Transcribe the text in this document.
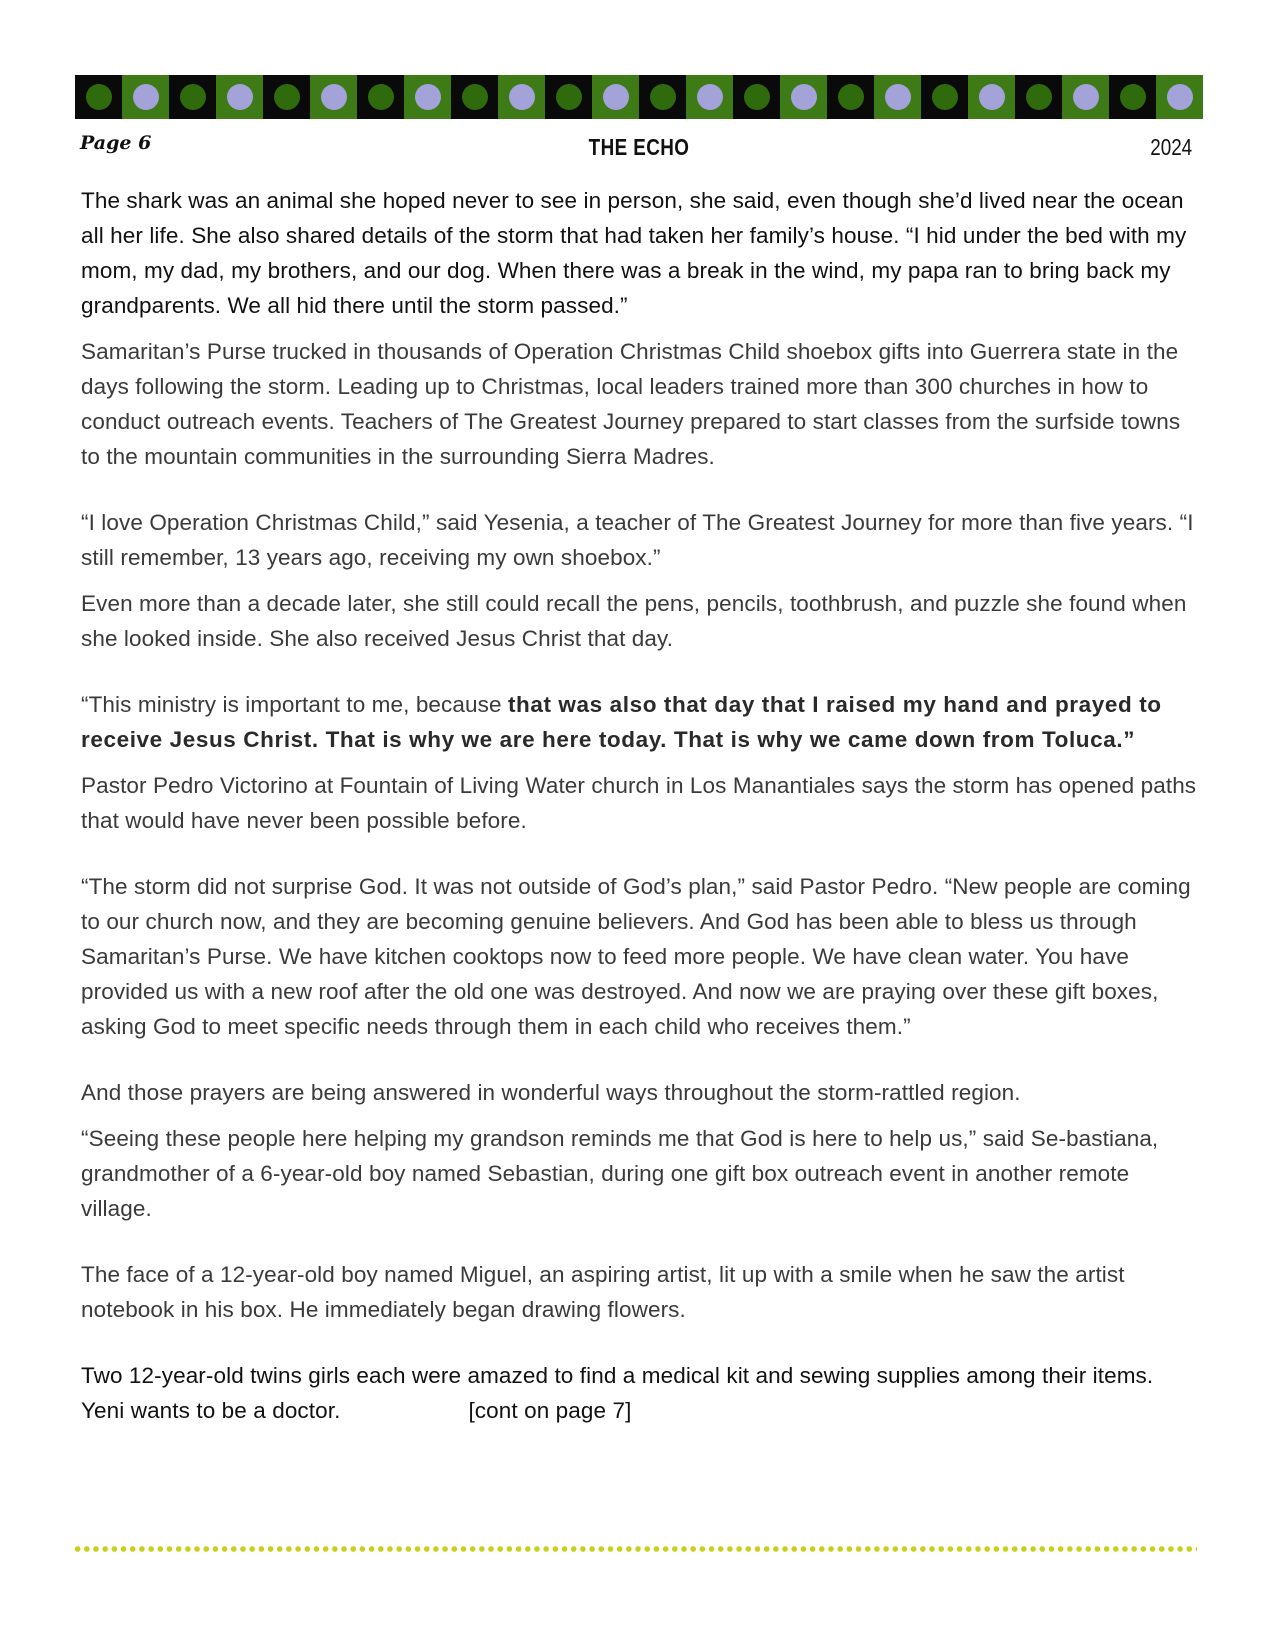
Page 6	THE ECHO	2024

The shark was an animal she hoped never to see in person, she said, even though she’d lived near the ocean all her life. She also shared details of the storm that had taken her family’s house. “I hid under the bed with my mom, my dad, my brothers, and our dog. When there was a break in the wind, my papa ran to bring back my grandparents. We all hid there until the storm passed.”

Samaritan’s Purse trucked in thousands of Operation Christmas Child shoebox gifts into Guerrera state in the days following the storm. Leading up to Christmas, local leaders trained more than 300 churches in how to conduct outreach events. Teachers of The Greatest Journey prepared to start classes from the surfside towns to the mountain communities in the surrounding Sierra Madres.

“I love Operation Christmas Child,” said Yesenia, a teacher of The Greatest Journey for more than five years. “I still remember, 13 years ago, receiving my own shoebox.”

Even more than a decade later, she still could recall the pens, pencils, toothbrush, and puzzle she found when she looked inside. She also received Jesus Christ that day.

“This ministry is important to me, because that was also that day that I raised my hand and prayed to receive Jesus Christ. That is why we are here today. That is why we came down from Toluca.”

Pastor Pedro Victorino at Fountain of Living Water church in Los Manantiales says the storm has opened paths that would have never been possible before.

“The storm did not surprise God. It was not outside of God’s plan,” said Pastor Pedro. “New people are coming to our church now, and they are becoming genuine believers. And God has been able to bless us through Samaritan’s Purse. We have kitchen cooktops now to feed more people. We have clean water. You have provided us with a new roof after the old one was destroyed. And now we are praying over these gift boxes, asking God to meet specific needs through them in each child who receives them.”

And those prayers are being answered in wonderful ways throughout the storm-rattled region.

“Seeing these people here helping my grandson reminds me that God is here to help us,” said Se-bastiana, grandmother of a 6-year-old boy named Sebastian, during one gift box outreach event in another remote village.

The face of a 12-year-old boy named Miguel, an aspiring artist, lit up with a smile when he saw the artist notebook in his box. He immediately began drawing flowers.

Two 12-year-old twins girls each were amazed to find a medical kit and sewing supplies among their items. Yeni wants to be a doctor.	[cont on page 7]
